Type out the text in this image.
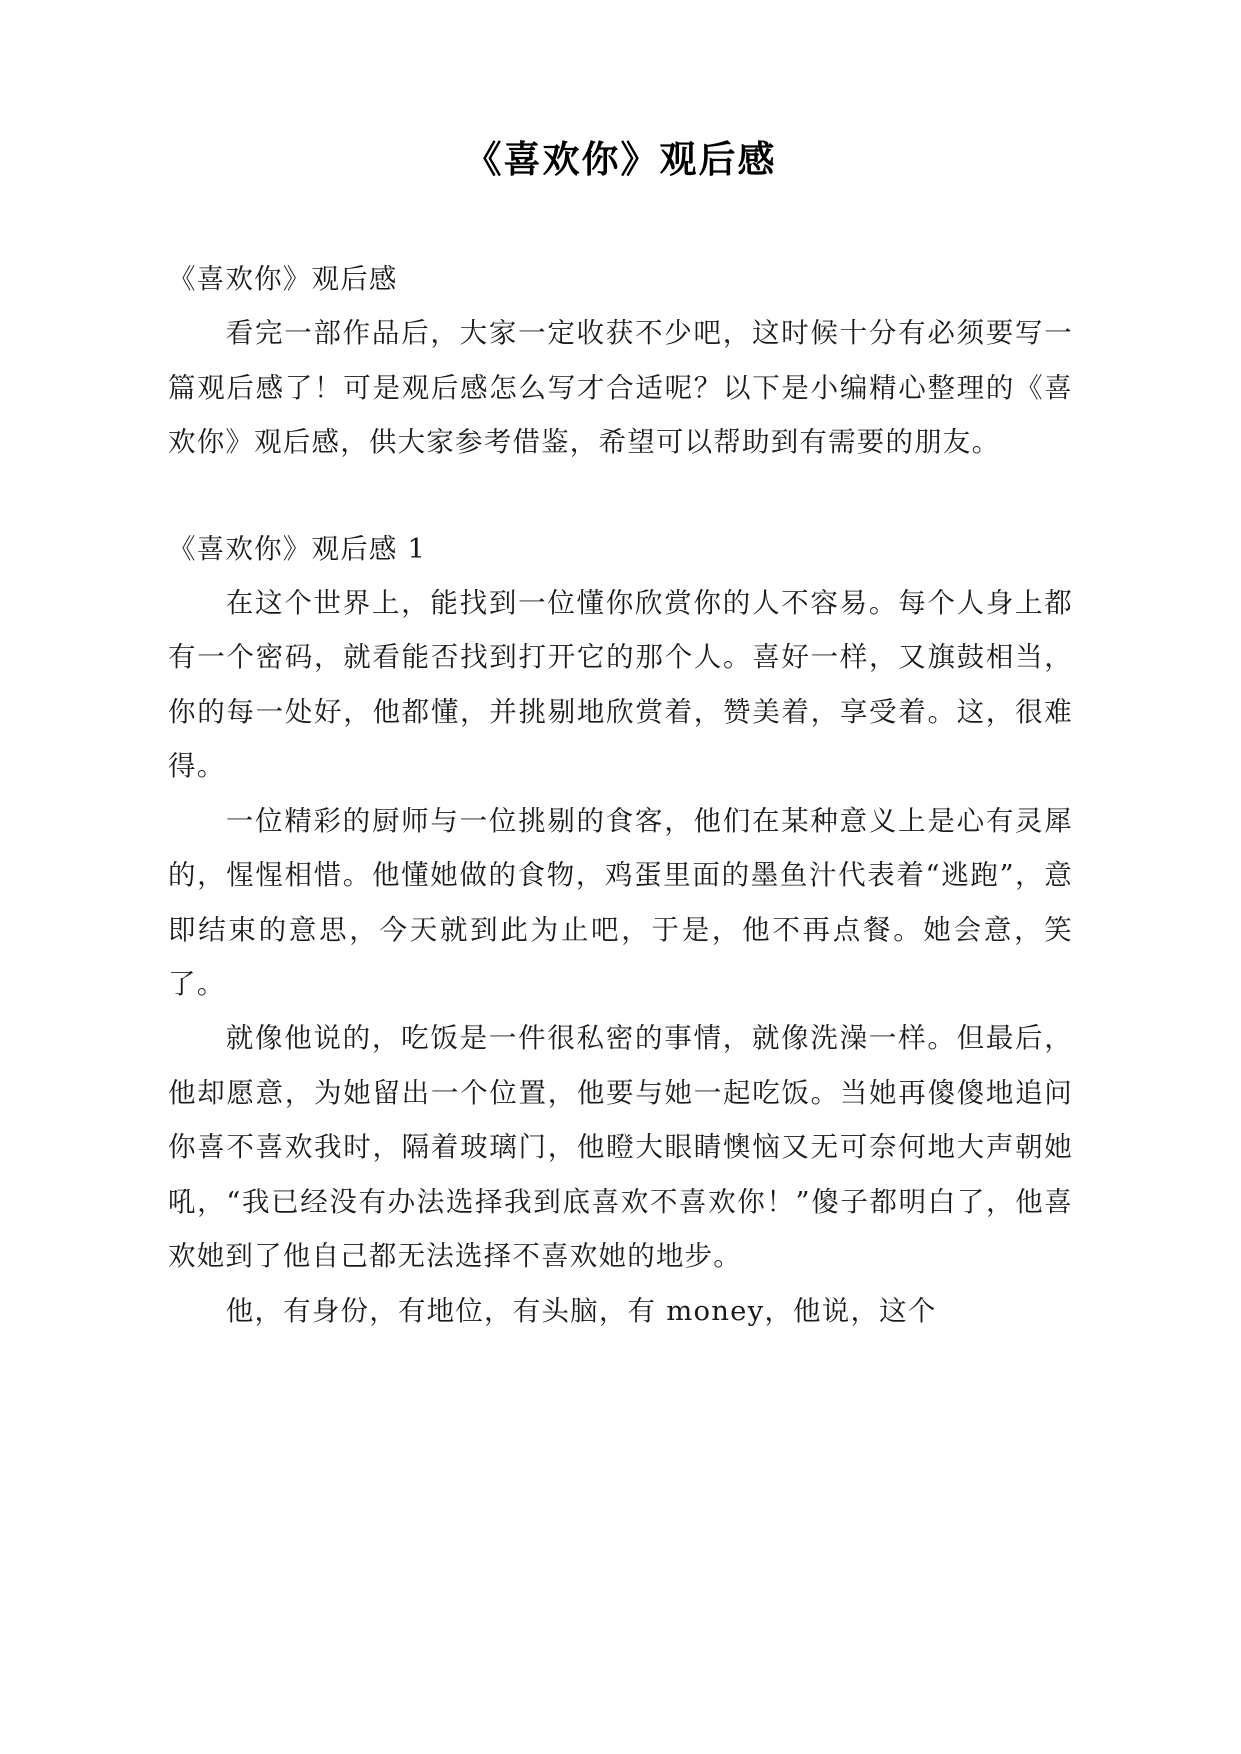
《喜欢你》观后感

《喜欢你》观后感

看完一部作品后，大家一定收获不少吧，这时候十分有必须要写一篇观后感了！可是观后感怎么写才合适呢？以下是小编精心整理的《喜欢你》观后感，供大家参考借鉴，希望可以帮助到有需要的朋友。

《喜欢你》观后感 1

在这个世界上，能找到一位懂你欣赏你的人不容易。每个人身上都有一个密码，就看能否找到打开它的那个人。喜好一样，又旗鼓相当，你的每一处好，他都懂，并挑剔地欣赏着，赞美着，享受着。这，很难得。

一位精彩的厨师与一位挑剔的食客，他们在某种意义上是心有灵犀的，惺惺相惜。他懂她做的食物，鸡蛋里面的墨鱼汁代表着“逃跑”，意即结束的意思，今天就到此为止吧，于是，他不再点餐。她会意，笑了。

就像他说的，吃饭是一件很私密的事情，就像洗澡一样。但最后，他却愿意，为她留出一个位置，他要与她一起吃饭。当她再傻傻地追问你喜不喜欢我时，隔着玻璃门，他瞪大眼睛懊恼又无可奈何地大声朝她吼，“我已经没有办法选择我到底喜欢不喜欢你！”傻子都明白了，他喜欢她到了他自己都无法选择不喜欢她的地步。

他，有身份，有地位，有头脑，有 money，他说，这个
